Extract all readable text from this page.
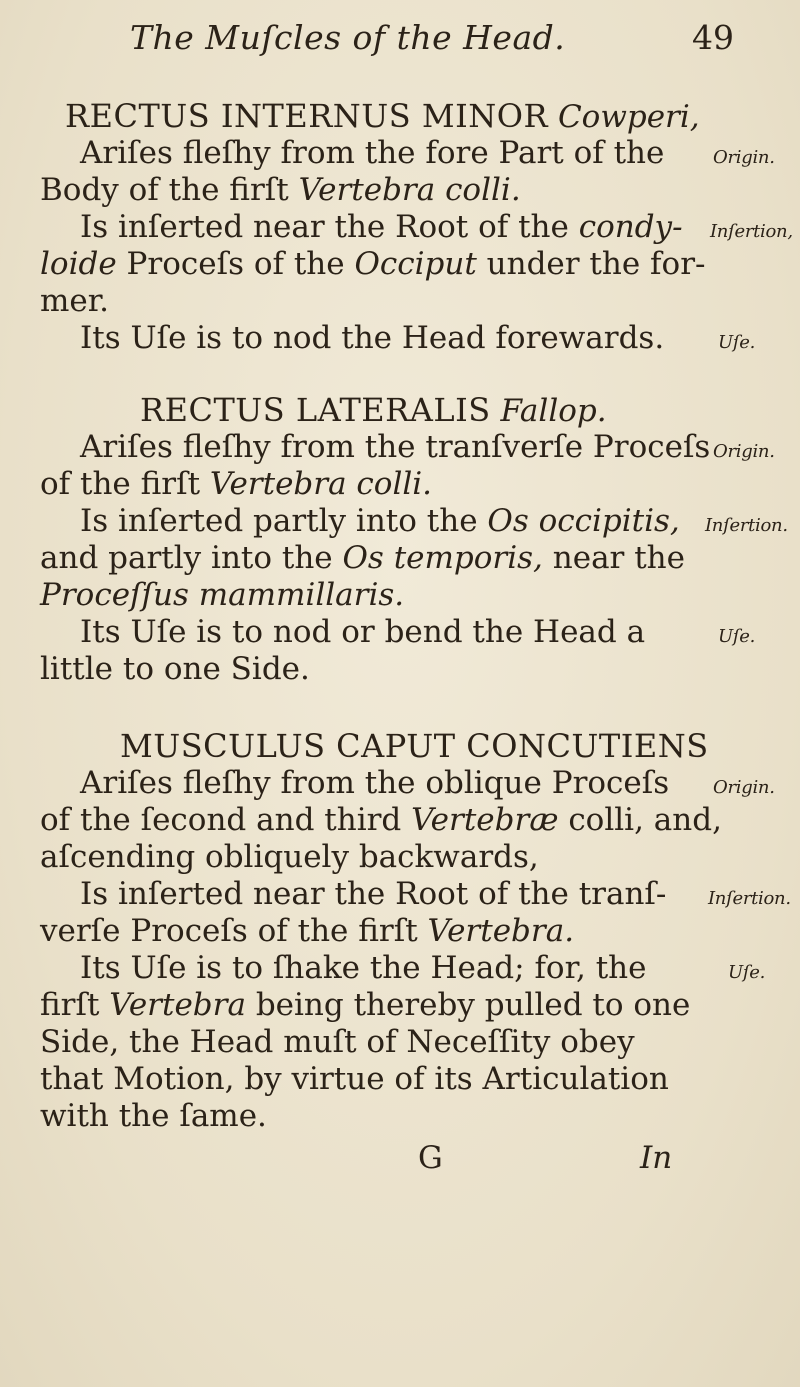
The Muſcles of the Head.	49
RECTUS INTERNUS MINOR Cowperi,
Ariſes fleſhy from the fore Part of the	Origin.
Body of the firſt Vertebra colli.
Is inſerted near the Root of the condy- Inſertion,
loide Proceſs of the Occiput under the for-
mer.
Its Uſe is to nod the Head forewards.	Uſe.
RECTUS LATERALIS Fallop.
Ariſes fleſhy from the tranſverſe Proceſs Origin.
of the firſt Vertebra colli.
Is inſerted partly into the Os occipitis, Inſertion.
and partly into the Os temporis, near the
Proceſſus mammillaris.
Its Uſe is to nod or bend the Head a	Uſe.
little to one Side.
MUSCULUS CAPUT CONCUTIENS
Ariſes fleſhy from the oblique Proceſs Origin.
of the ſecond and third Vertebræ colli, and,
aſcending obliquely backwards,
Is inſerted near the Root of the tranſ- Inſertion.
verſe Proceſs of the firſt Vertebra.
Its Uſe is to ſhake the Head; for, the	Uſe.
firſt Vertebra being thereby pulled to one
Side, the Head muſt of Neceſſity obey
that Motion, by virtue of its Articulation
with the ſame.
G	In
